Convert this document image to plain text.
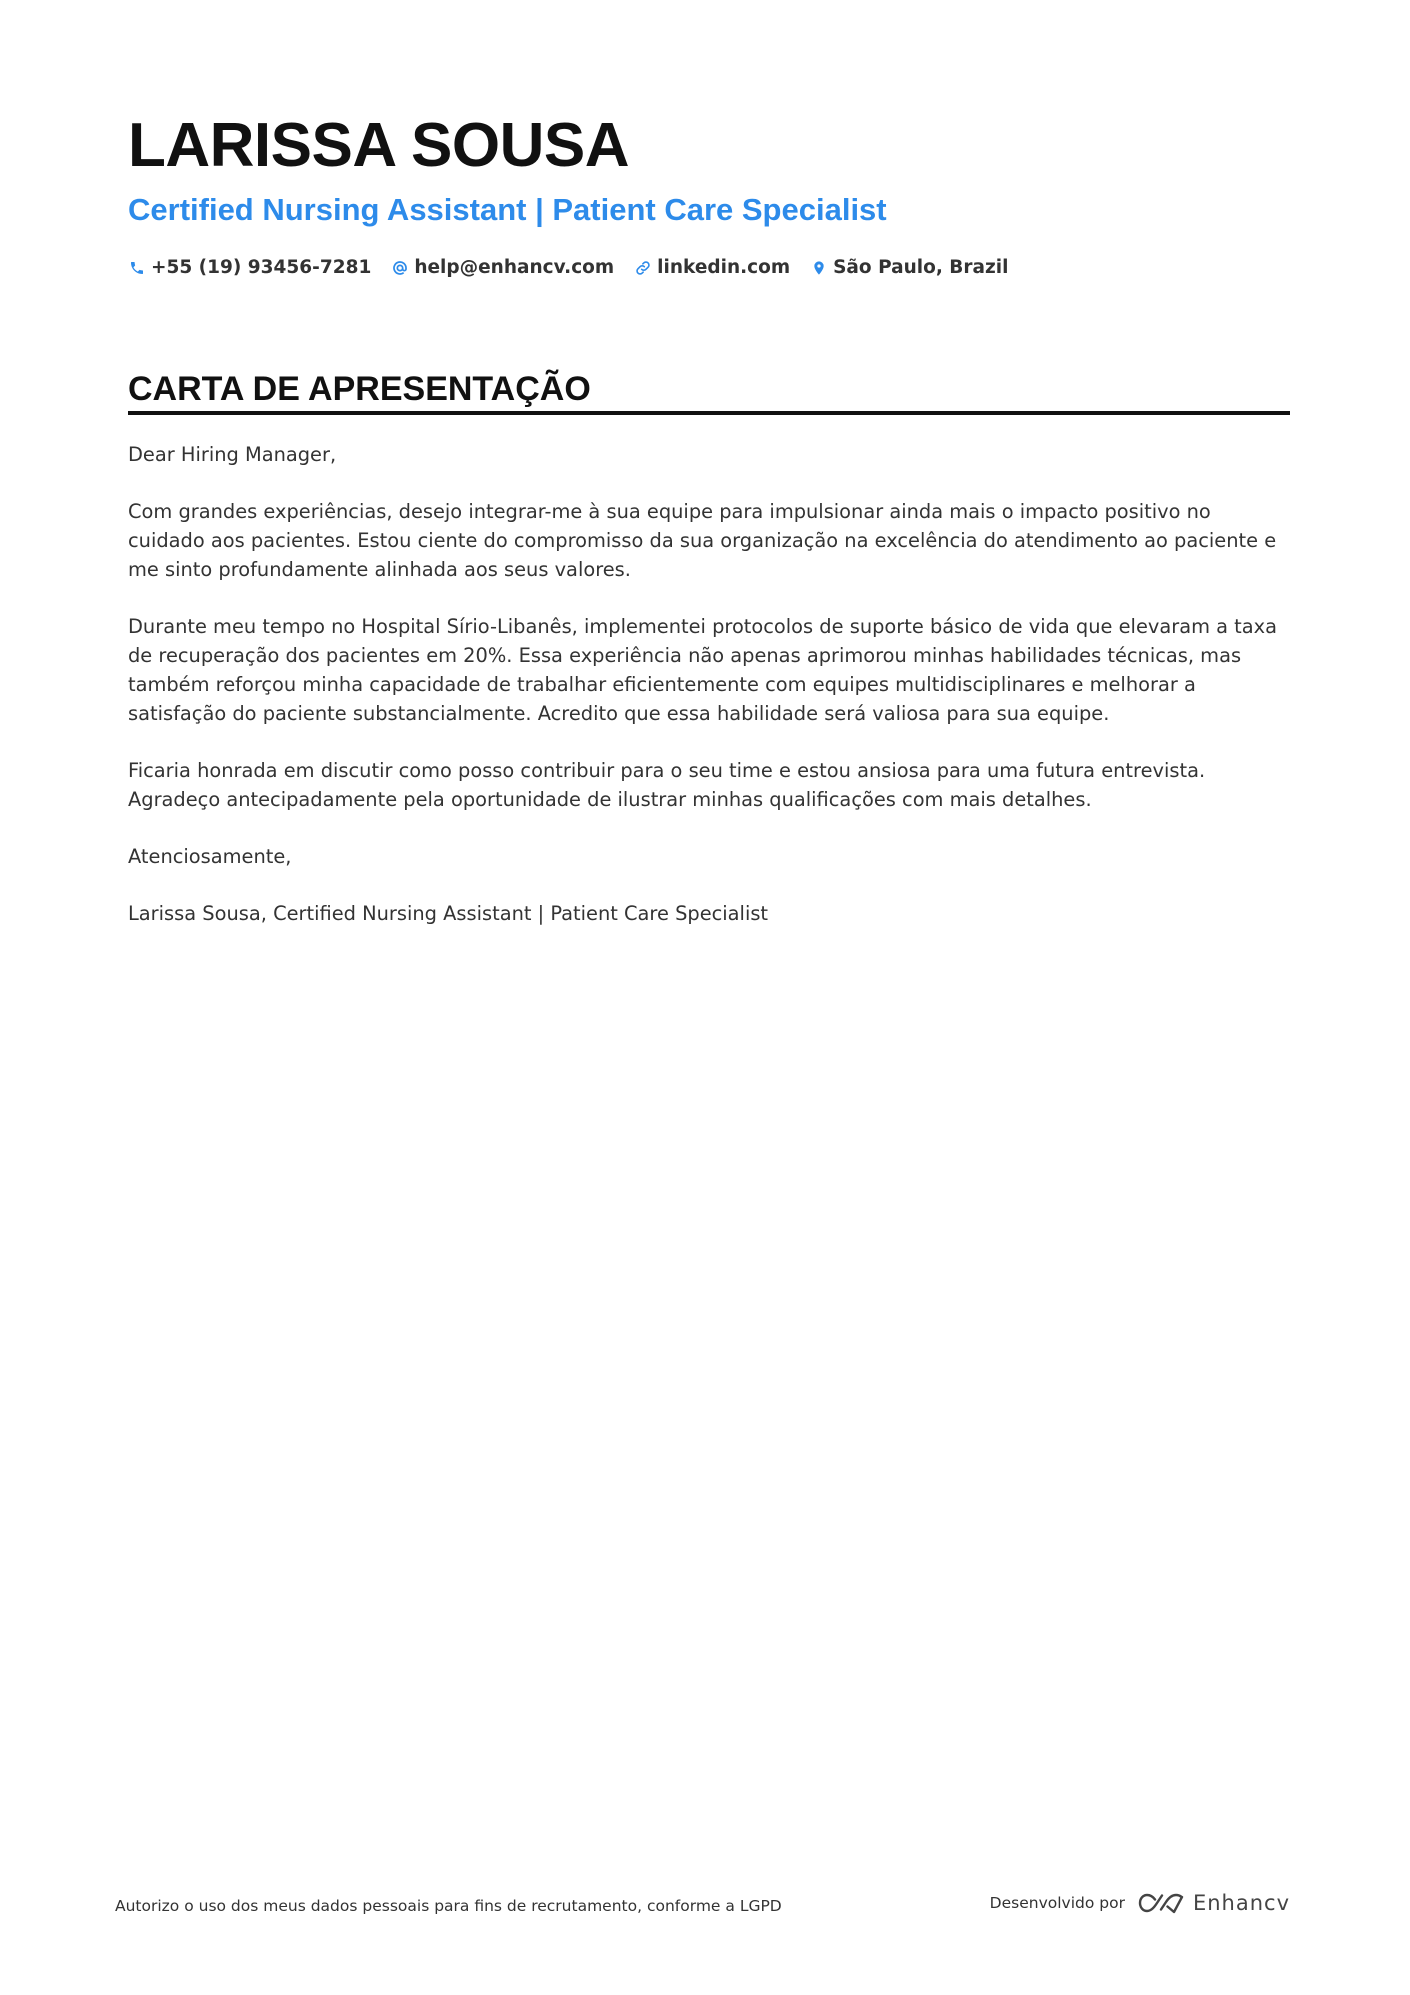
LARISSA SOUSA
Certified Nursing Assistant | Patient Care Specialist
+55 (19) 93456-7281 help@enhancv.com linkedin.com São Paulo, Brazil
CARTA DE APRESENTAÇÃO

Dear Hiring Manager,

Com grandes experiências, desejo integrar-me à sua equipe para impulsionar ainda mais o impacto positivo no cuidado aos pacientes. Estou ciente do compromisso da sua organização na excelência do atendimento ao paciente e me sinto profundamente alinhada aos seus valores.

Durante meu tempo no Hospital Sírio-Libanês, implementei protocolos de suporte básico de vida que elevaram a taxa de recuperação dos pacientes em 20%. Essa experiência não apenas aprimorou minhas habilidades técnicas, mas também reforçou minha capacidade de trabalhar eficientemente com equipes multidisciplinares e melhorar a satisfação do paciente substancialmente. Acredito que essa habilidade será valiosa para sua equipe.

Ficaria honrada em discutir como posso contribuir para o seu time e estou ansiosa para uma futura entrevista. Agradeço antecipadamente pela oportunidade de ilustrar minhas qualificações com mais detalhes.

Atenciosamente,

Larissa Sousa, Certified Nursing Assistant | Patient Care Specialist

Autorizo o uso dos meus dados pessoais para fins de recrutamento, conforme a LGPD	Desenvolvido por	Enhancv
